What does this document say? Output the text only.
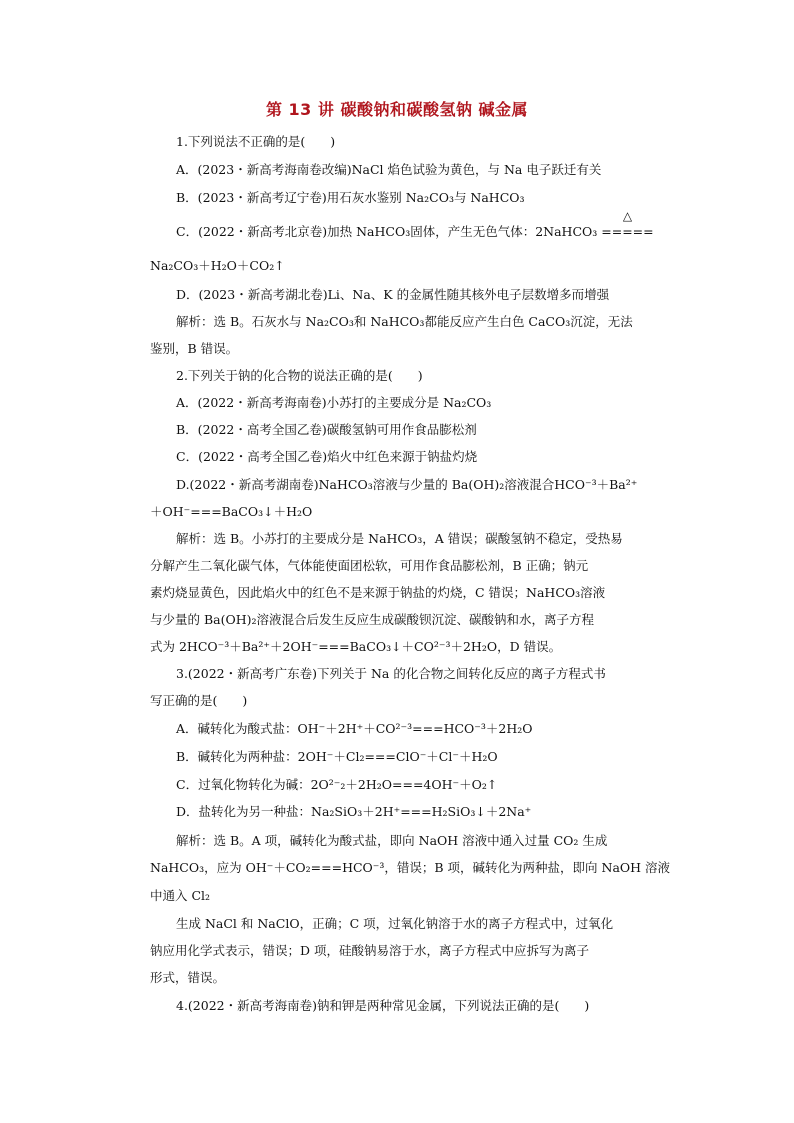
第 13 讲 碳酸钠和碳酸氢钠 碱金属
1.下列说法不正确的是(　　)
A．(2023・新高考海南卷改编)NaCl 焰色试验为黄色，与 Na 电子跃迁有关
B．(2023・新高考辽宁卷)用石灰水鉴别 Na₂CO₃与 NaHCO₃
C．(2022・新高考北京卷)加热 NaHCO₃固体，产生无色气体：2NaHCO₃
△
=====
Na₂CO₃＋H₂O＋CO₂↑
D．(2023・新高考湖北卷)Li、Na、K 的金属性随其核外电子层数增多而增强
解析：选 B。石灰水与 Na₂CO₃和 NaHCO₃都能反应产生白色 CaCO₃沉淀，无法
鉴别，B 错误。
2.下列关于钠的化合物的说法正确的是(　　)
A．(2022・新高考海南卷)小苏打的主要成分是 Na₂CO₃
B．(2022・高考全国乙卷)碳酸氢钠可用作食品膨松剂
C．(2022・高考全国乙卷)焰火中红色来源于钠盐灼烧
D.(2022・新高考湖南卷)NaHCO₃溶液与少量的 Ba(OH)₂溶液混合HCO⁻³＋Ba²⁺
＋OH⁻===BaCO₃↓＋H₂O
解析：选 B。小苏打的主要成分是 NaHCO₃，A 错误；碳酸氢钠不稳定，受热易
分解产生二氧化碳气体，气体能使面团松软，可用作食品膨松剂，B 正确；钠元
素灼烧显黄色，因此焰火中的红色不是来源于钠盐的灼烧，C 错误；NaHCO₃溶液
与少量的 Ba(OH)₂溶液混合后发生反应生成碳酸钡沉淀、碳酸钠和水，离子方程
式为 2HCO⁻³＋Ba²⁺＋2OH⁻===BaCO₃↓＋CO²⁻³＋2H₂O，D 错误。
3.(2022・新高考广东卷)下列关于 Na 的化合物之间转化反应的离子方程式书
写正确的是(　　)
A．碱转化为酸式盐：OH⁻＋2H⁺＋CO²⁻³===HCO⁻³＋2H₂O
B．碱转化为两种盐：2OH⁻＋Cl₂===ClO⁻＋Cl⁻＋H₂O
C．过氧化物转化为碱：2O²⁻₂＋2H₂O===4OH⁻＋O₂↑
D．盐转化为另一种盐：Na₂SiO₃＋2H⁺===H₂SiO₃↓＋2Na⁺
解析：选 B。A 项，碱转化为酸式盐，即向 NaOH 溶液中通入过量 CO₂ 生成
NaHCO₃，应为 OH⁻＋CO₂===HCO⁻³，错误；B 项，碱转化为两种盐，即向 NaOH 溶液
中通入 Cl₂
生成 NaCl 和 NaClO，正确；C 项，过氧化钠溶于水的离子方程式中，过氧化
钠应用化学式表示，错误；D 项，硅酸钠易溶于水，离子方程式中应拆写为离子
形式，错误。
4.(2022・新高考海南卷)钠和钾是两种常见金属，下列说法正确的是(　　)
